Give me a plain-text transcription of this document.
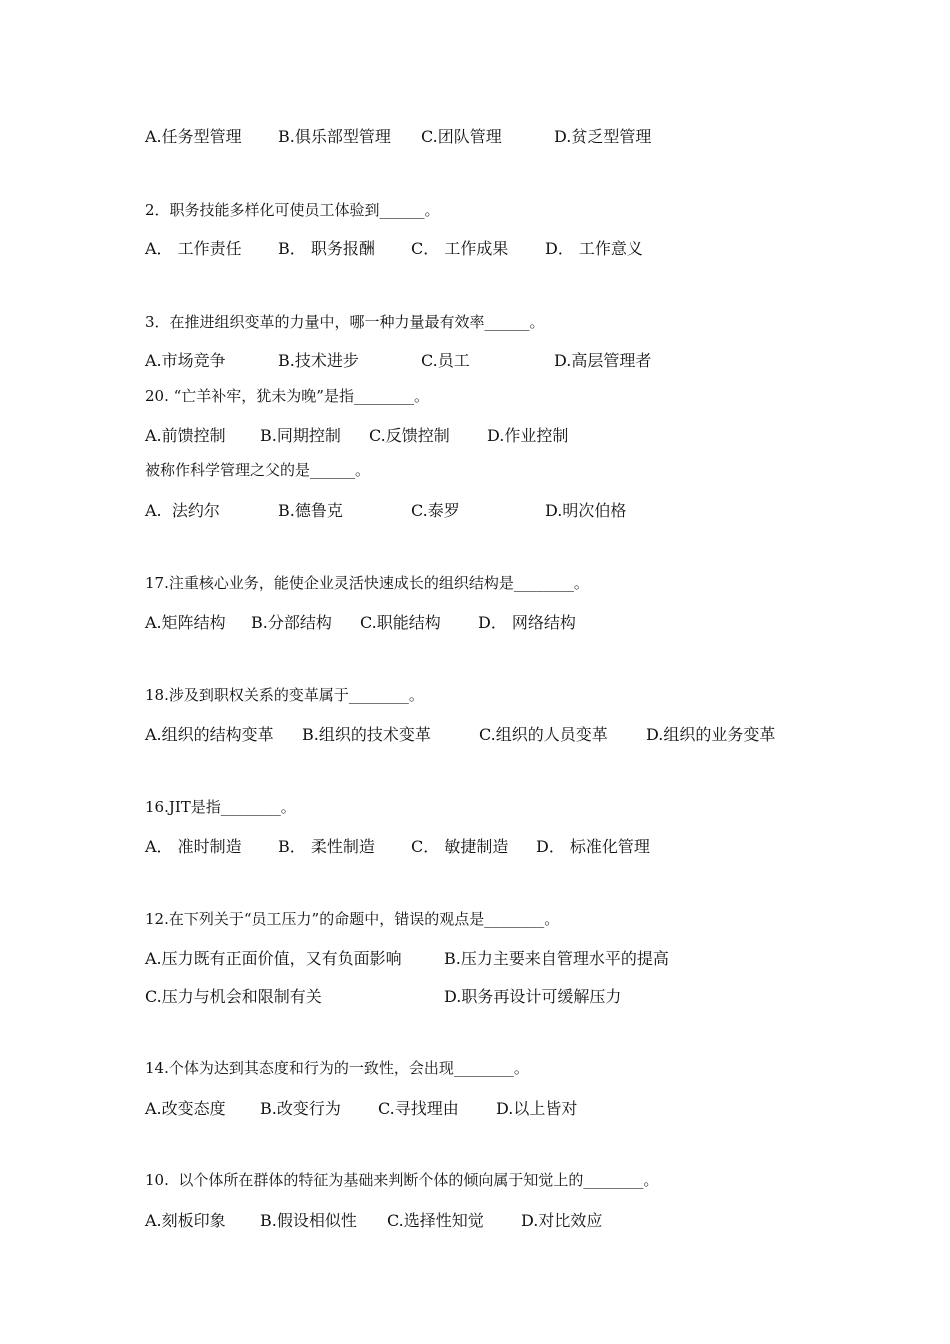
A.任务型管理 B.俱乐部型管理 C.团队管理	D.贫乏型管理
2．职务技能多样化可使员工体验到______。
A． 工作责任 B． 职务报酬 C． 工作成果 D． 工作意义
3．在推进组织变革的力量中，哪一种力量最有效率______。
A.市场竞争	B.技术进步	C.员工	D.高层管理者
20. “亡羊补牢，犹未为晚”是指________。
A.前馈控制 B.同期控制 C.反馈控制 D.作业控制
被称作科学管理之父的是______。
A.  法约尔	B.德鲁克	C.泰罗	D.明次伯格
17.注重核心业务，能使企业灵活快速成长的组织结构是________。
A.矩阵结构 B.分部结构 C.职能结构 D． 网络结构
18.涉及到职权关系的变革属于________。
A.组织的结构变革 B.组织的技术变革	C.组织的人员变革 D.组织的业务变革
16.JIT是指________。
A． 准时制造 B． 柔性制造 C． 敏捷制造 D． 标准化管理
12.在下列关于“员工压力”的命题中，错误的观点是________。
A.压力既有正面价值，又有负面影响	B.压力主要来自管理水平的提高
C.压力与机会和限制有关	D.职务再设计可缓解压力
14.个体为达到其态度和行为的一致性，会出现________。
A.改变态度 B.改变行为 C.寻找理由 D.以上皆对
10.  以个体所在群体的特征为基础来判断个体的倾向属于知觉上的________。
A.刻板印象 B.假设相似性 C.选择性知觉 D.对比效应
